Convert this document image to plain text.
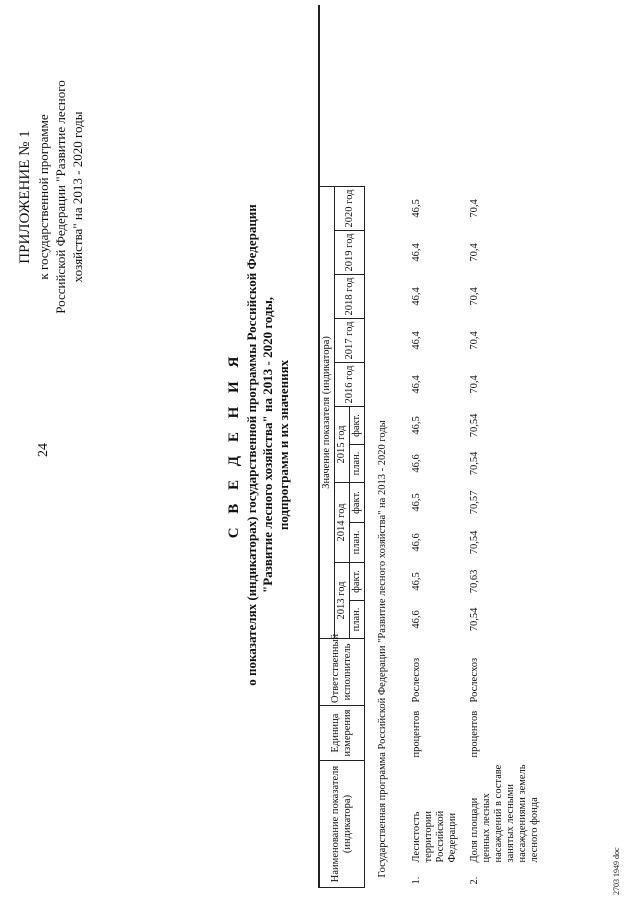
24
ПРИЛОЖЕНИЕ № 1 к государственной программе Российской Федерации "Развитие лесного хозяйства" на 2013 - 2020 годы
С В Е Д Е Н И Я о показателях (индикаторах) государственной программы Российской Федерации "Развитие лесного хозяйства" на 2013 - 2020 годы, подпрограмм и их значениях
Наименование показателя (индикатора)		Единица измерения	Ответственный исполнитель	Значение показателя (индикатора)											
				2013 год		2014 год		2015 год		2016 год	2017 год	2018 год	2019 год	2020 год	
				план.	факт.	план.	факт.	план.	факт.						
Государственная программа Российской Федерации "Развитие лесного хозяйства" на 2013 - 2020 годы															
1.	Лесистость территории Российской Федерации	процентов	Рослесхоз	46,6	46,5	46,6	46,5	46,6	46,5	46,4	46,4	46,4	46,4	46,5	
2.	Доля площади ценных лесных насаждений в составе занятых лесными насаждениями земель лесного фонда	процентов	Рослесхоз	70,54	70,63	70,54	70,57	70,54	70,54	70,4	70,4	70,4	70,4	70,4	
2703 1949 doc
